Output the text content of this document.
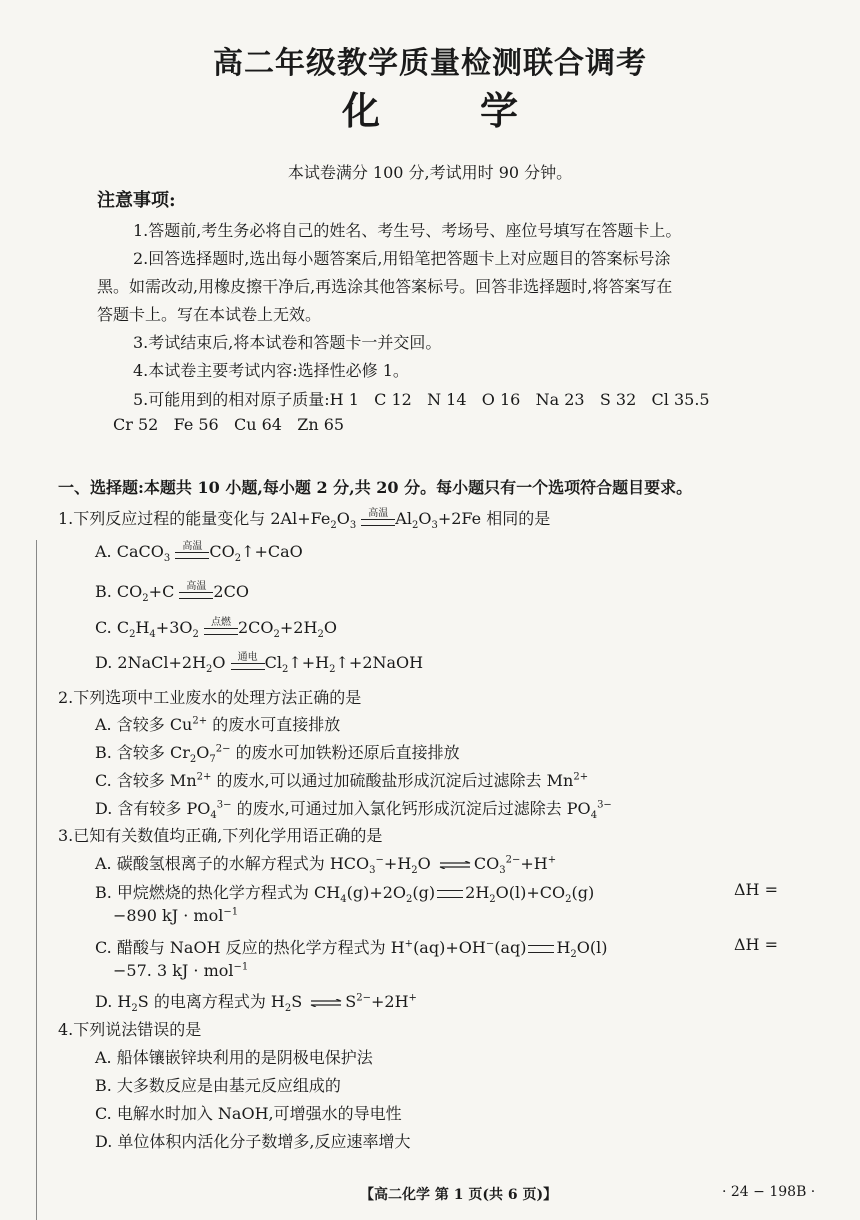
高二年级教学质量检测联合调考
化	学
本试卷满分 100 分,考试用时 90 分钟。
注意事项:
1.答题前,考生务必将自己的姓名、考生号、考场号、座位号填写在答题卡上。
2.回答选择题时,选出每小题答案后,用铅笔把答题卡上对应题目的答案标号涂
黑。如需改动,用橡皮擦干净后,再选涂其他答案标号。回答非选择题时,将答案写在
答题卡上。写在本试卷上无效。
3.考试结束后,将本试卷和答题卡一并交回。
4.本试卷主要考试内容:选择性必修 1。
5.可能用到的相对原子质量:H 1   C 12   N 14   O 16   Na 23   S 32   Cl 35.5
Cr 52   Fe 56   Cu 64   Zn 65
一、选择题:本题共 10 小题,每小题 2 分,共 20 分。每小题只有一个选项符合题目要求。
1.下列反应过程的能量变化与 $2Al+Fe_2O_3$
高温 $Al_2O_3+2Fe$ 相同的是
A. CaCO$_3$
高温 $CO_2↑+CaO$
B. $CO_2+C$	高温 2CO
C. $C_2H_4+3O_2$
点燃 $2CO_2+2H_2O$
D. $2NaCl+2H_2O$ 通电 $Cl_2↑+H_2↑+2NaOH$
2.下列选项中工业废水的处理方法正确的是
A. 含较多 $Cu^{2+}$ 的废水可直接排放
B. 含较多 $Cr_2O_7^{2-}$ 的废水可加铁粉还原后直接排放
C. 含较多 $Mn^{2+}$ 的废水,可以通过加硫酸盐形成沉淀后过滤除去 $Mn^{2+}$
D. 含有较多 $PO_4^{3-}$ 的废水,可通过加入氯化钙形成沉淀后过滤除去 $PO_4^{3-}$
3.已知有关数值均正确,下列化学用语正确的是
A. 碳酸氢根离子的水解方程式为 $HCO_3^-+H_2O$ ⇌ $CO_3^{2-}+H^+$
B. 甲烷燃烧的热化学方程式为 $CH_4(g)+2O_2(g)$ $2H_2O(l)+CO_2(g)$	ΔH =
−890 kJ · mol$^{-1}$
C. 醋酸与 NaOH 反应的热化学方程式为 H+(aq)+OH−(aq) $H_2O(l)$	ΔH =
−57. 3 kJ · mol$^{-1}$
D. $H_2S$ 的电离方程式为 $H_2S$ ⇌ $S^{2-}+2H^+$
4.下列说法错误的是
A. 船体镶嵌锌块利用的是阴极电保护法
B. 大多数反应是由基元反应组成的
C. 电解水时加入 NaOH,可增强水的导电性
D. 单位体积内活化分子数增多,反应速率增大
【高二化学 第 1 页(共 6 页)】	· 24 − 198B ·
